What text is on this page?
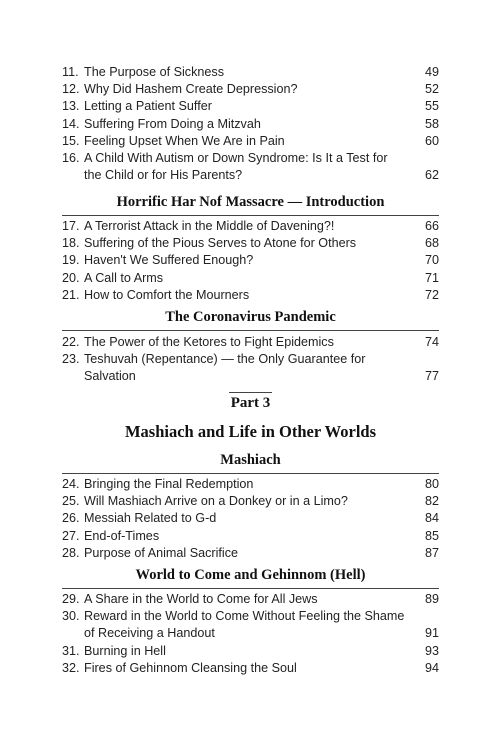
11. The Purpose of Sickness	49
12. Why Did Hashem Create Depression?	52
13. Letting a Patient Suffer	55
14. Suffering From Doing a Mitzvah	58
15. Feeling Upset When We Are in Pain	60
16. A Child With Autism or Down Syndrome: Is It a Test for the Child or for His Parents?	62
Horrific Har Nof Massacre — Introduction
17. A Terrorist Attack in the Middle of Davening?!	66
18. Suffering of the Pious Serves to Atone for Others	68
19. Haven't We Suffered Enough?	70
20. A Call to Arms	71
21. How to Comfort the Mourners	72
The Coronavirus Pandemic
22. The Power of the Ketores to Fight Epidemics	74
23. Teshuvah (Repentance) — the Only Guarantee for Salvation	77
Part 3
Mashiach and Life in Other Worlds
Mashiach
24. Bringing the Final Redemption	80
25. Will Mashiach Arrive on a Donkey or in a Limo?	82
26. Messiah Related to G-d	84
27. End-of-Times	85
28. Purpose of Animal Sacrifice	87
World to Come and Gehinnom (Hell)
29. A Share in the World to Come for All Jews	89
30. Reward in the World to Come Without Feeling the Shame of Receiving a Handout	91
31. Burning in Hell	93
32. Fires of Gehinnom Cleansing the Soul	94
